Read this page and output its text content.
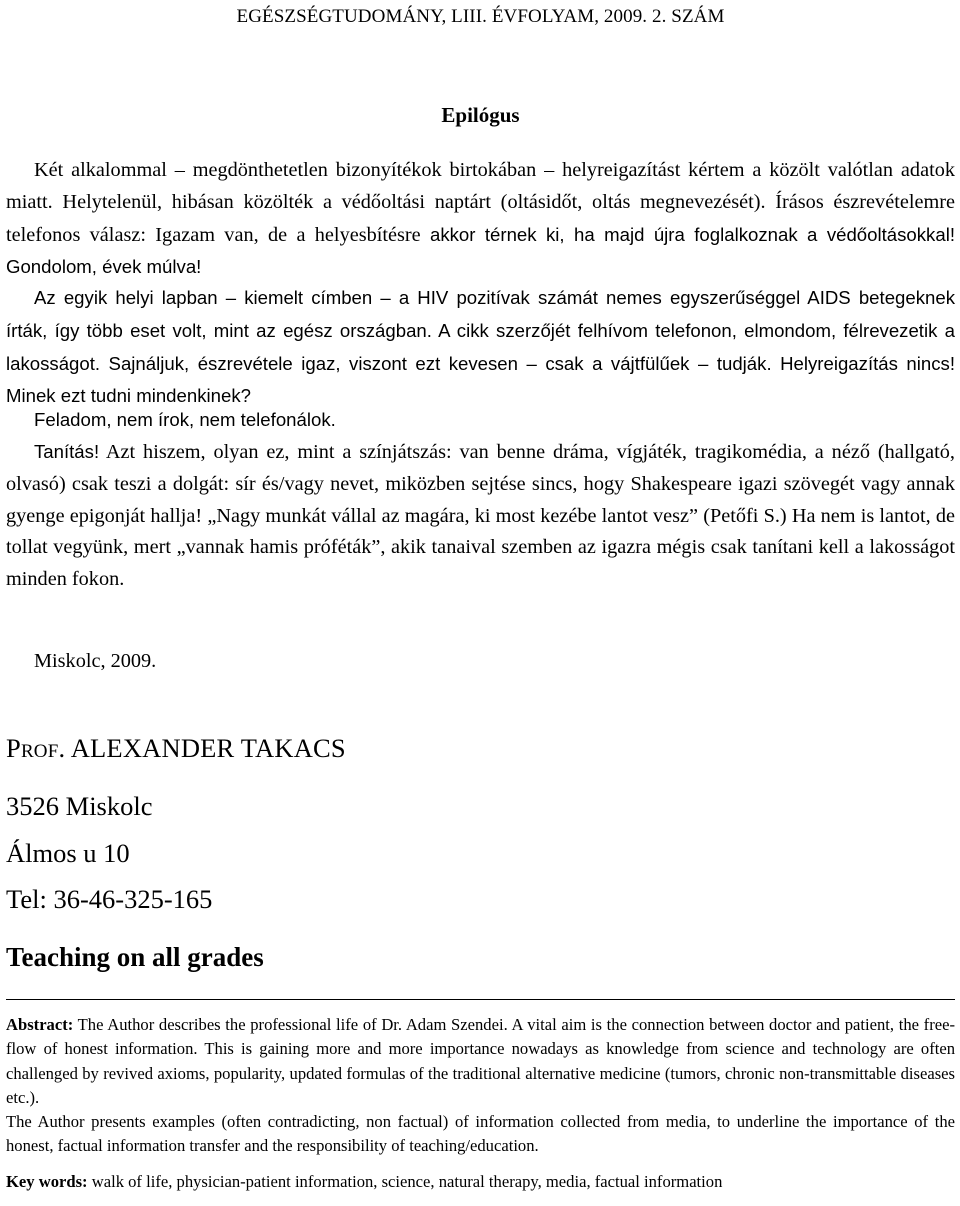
EGÉSZSÉGTUDOMÁNY, LIII. ÉVFOLYAM, 2009. 2. SZÁM
Epilógus

Két alkalommal – megdönthetetlen bizonyítékok birtokában – helyreigazítást kértem a közölt valótlan adatok miatt. Helytelenül, hibásan közölték a védőoltási naptárt (oltásidőt, oltás megnevezését). Írásos észrevételemre telefonos válasz: Igazam van, de a helyesbítésre akkor térnek ki, ha majd újra foglalkoznak a védőoltásokkal! Gondolom, évek múlva!

Az egyik helyi lapban – kiemelt címben – a HIV pozitívak számát nemes egyszerűséggel AIDS betegeknek írták, így több eset volt, mint az egész országban. A cikk szerzőjét felhívom telefonon, elmondom, félrevezetik a lakosságot. Sajnáljuk, észrevétele igaz, viszont ezt kevesen – csak a vájtfülűek – tudják. Helyreigazítás nincs! Minek ezt tudni mindenkinek?

Feladom, nem írok, nem telefonálok.

Tanítás! Azt hiszem, olyan ez, mint a színjátszás: van benne dráma, vígjáték, tragikomédia, a néző (hallgató, olvasó) csak teszi a dolgát: sír és/vagy nevet, miközben sejtése sincs, hogy Shakespeare igazi szövegét vagy annak gyenge epigonját hallja! „Nagy munkát vállal az magára, ki most kezébe lantot vesz” (Petőfi S.) Ha nem is lantot, de tollat vegyünk, mert „vannak hamis próféták”, akik tanaival szemben az igazra mégis csak tanítani kell a lakosságot minden fokon.

Miskolc, 2009.
Prof. ALEXANDER TAKACS
3526 Miskolc
Álmos u 10
Tel: 36-46-325-165
Teaching on all grades

Abstract: The Author describes the professional life of Dr. Adam Szendei. A vital aim is the connection between doctor and patient, the free-flow of honest information. This is gaining more and more importance nowadays as knowledge from science and technology are often challenged by revived axioms, popularity, updated formulas of the traditional alternative medicine (tumors, chronic non-transmittable diseases etc.).

The Author presents examples (often contradicting, non factual) of information collected from media, to underline the importance of the honest, factual information transfer and the responsibility of teaching/education.

Key words: walk of life, physician-patient information, science, natural therapy, media, factual information
